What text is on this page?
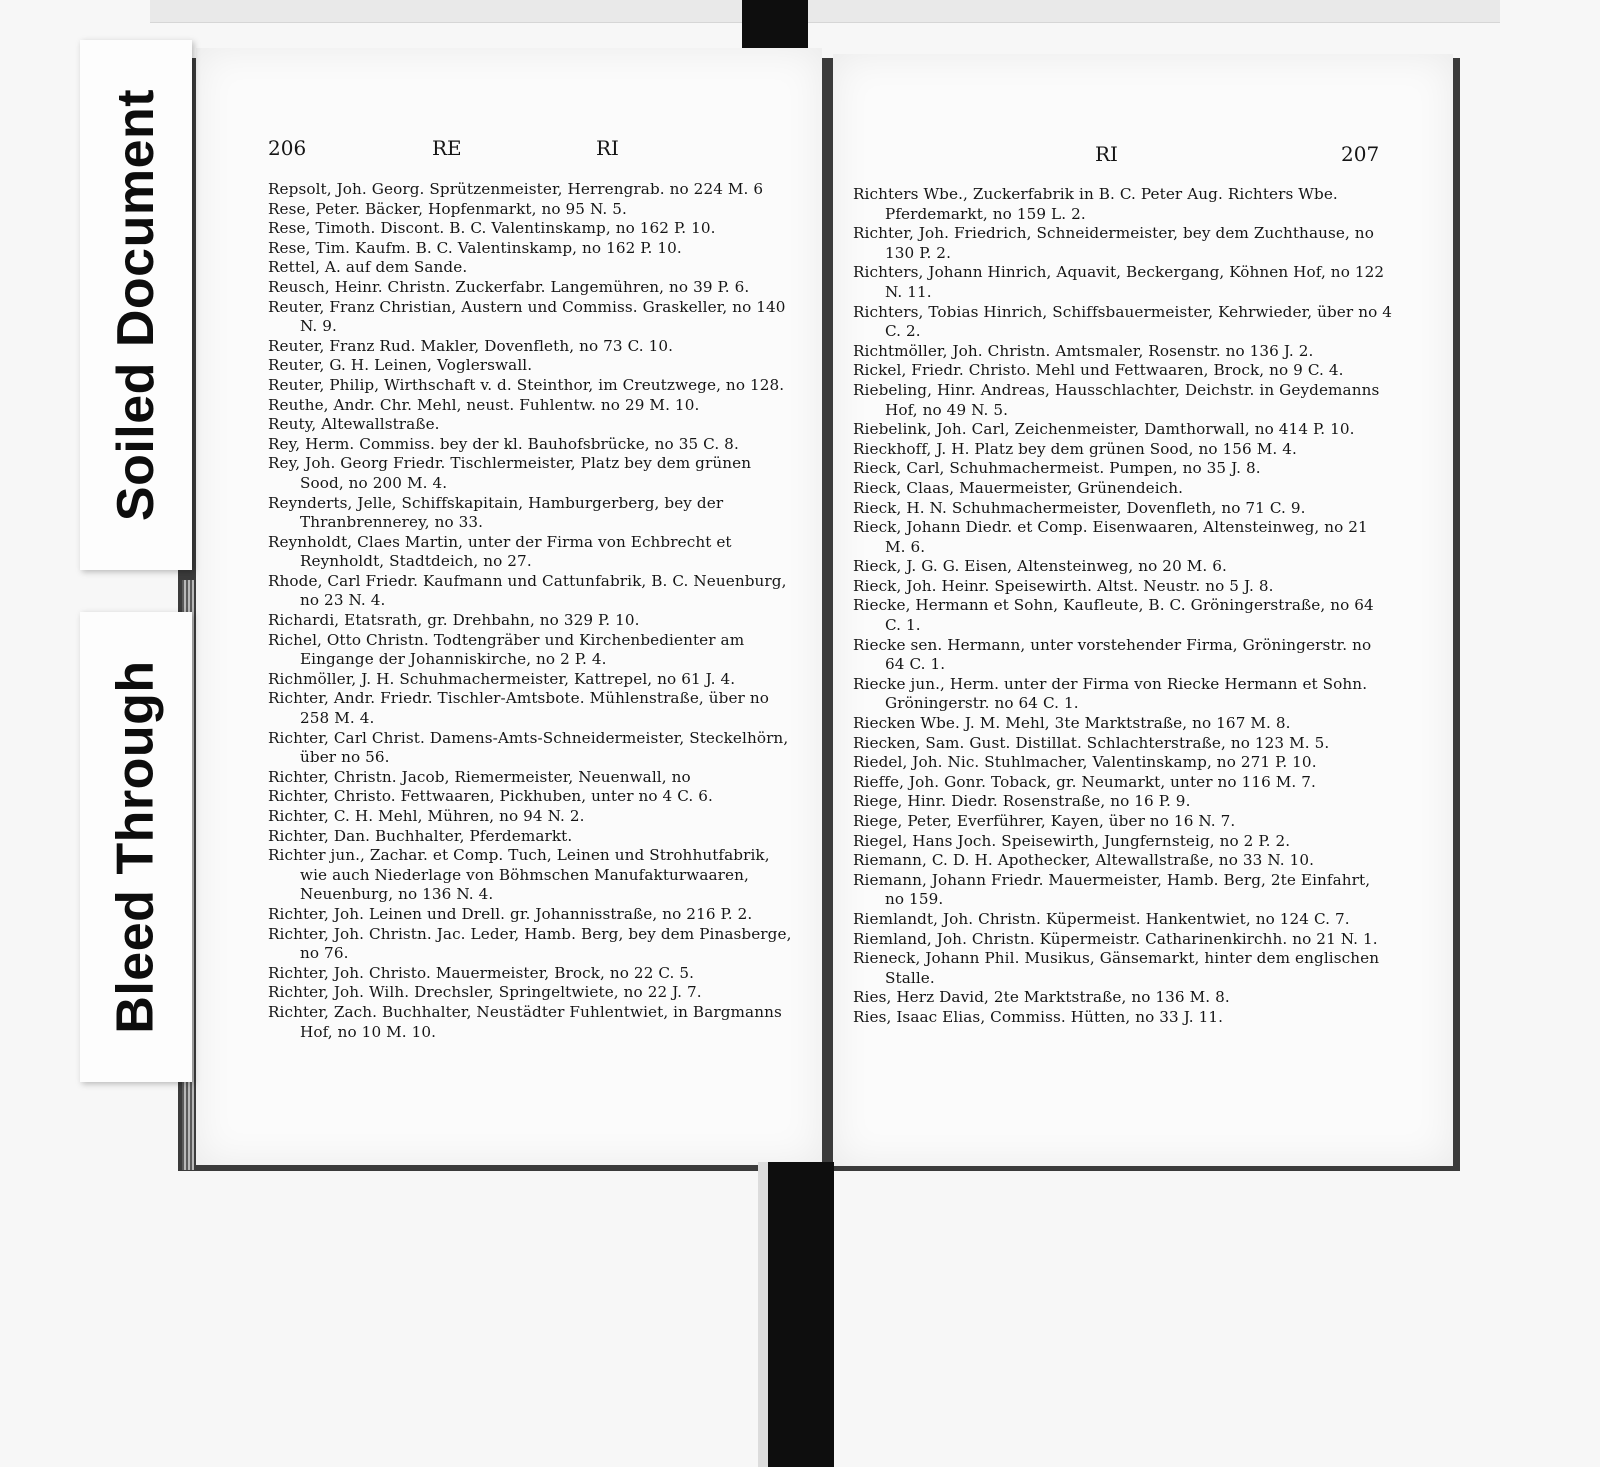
206	RE	RI
Repsolt, Joh. Georg. Sprützenmeister, Herrengrab. no 224 M. 6
Rese, Peter. Bäcker, Hopfenmarkt, no 95 N. 5.
Rese, Timoth. Discont. B. C. Valentinskamp, no 162 P. 10.
Rese, Tim. Kaufm. B. C. Valentinskamp, no 162 P. 10.
Rettel, A. auf dem Sande.
Reusch, Heinr. Christn. Zuckerfabr. Langemühren, no 39 P. 6.
Reuter, Franz Christian, Austern und Commiss. Graskeller, no 140 N. 9.
Reuter, Franz Rud. Makler, Dovenfleth, no 73 C. 10.
Reuter, G. H. Leinen, Voglerswall.
Reuter, Philip, Wirthschaft v. d. Steinthor, im Creutzwege, no 128.
Reuthe, Andr. Chr. Mehl, neust. Fuhlentw. no 29 M. 10.
Reuty, Altewallstraße.
Rey, Herm. Commiss. bey der kl. Bauhofsbrücke, no 35 C. 8.
Rey, Joh. Georg Friedr. Tischlermeister, Platz bey dem grünen Sood, no 200 M. 4.
Reynderts, Jelle, Schiffskapitain, Hamburgerberg, bey der Thranbrennerey, no 33.
Reynholdt, Claes Martin, unter der Firma von Echbrecht et Reynholdt, Stadtdeich, no 27.
Rhode, Carl Friedr. Kaufmann und Cattunfabrik, B. C. Neuenburg, no 23 N. 4.
Richardi, Etatsrath, gr. Drehbahn, no 329 P. 10.
Richel, Otto Christn. Todtengräber und Kirchenbedienter am Eingange der Johanniskirche, no 2 P. 4.
Richmöller, J. H. Schuhmachermeister, Kattrepel, no 61 J. 4.
Richter, Andr. Friedr. Tischler-Amtsbote. Mühlenstraße, über no 258 M. 4.
Richter, Carl Christ. Damens-Amts-Schneidermeister, Steckelhörn, über no 56.
Richter, Christn. Jacob, Riemermeister, Neuenwall, no
Richter, Christo. Fettwaaren, Pickhuben, unter no 4 C. 6.
Richter, C. H. Mehl, Mühren, no 94 N. 2.
Richter, Dan. Buchhalter, Pferdemarkt.
Richter jun., Zachar. et Comp. Tuch, Leinen und Strohhutfabrik, wie auch Niederlage von Böhmschen Manufakturwaaren, Neuenburg, no 136 N. 4.
Richter, Joh. Leinen und Drell. gr. Johannisstraße, no 216 P. 2.
Richter, Joh. Christn. Jac. Leder, Hamb. Berg, bey dem Pinasberge, no 76.
Richter, Joh. Christo. Mauermeister, Brock, no 22 C. 5.
Richter, Joh. Wilh. Drechsler, Springeltwiete, no 22 J. 7.
Richter, Zach. Buchhalter, Neustädter Fuhlentwiet, in Bargmanns Hof, no 10 M. 10.
RI	207
Richters Wbe., Zuckerfabrik in B. C. Peter Aug. Richters Wbe. Pferdemarkt, no 159 L. 2.
Richter, Joh. Friedrich, Schneidermeister, bey dem Zuchthause, no 130 P. 2.
Richters, Johann Hinrich, Aquavit, Beckergang, Köhnen Hof, no 122 N. 11.
Richters, Tobias Hinrich, Schiffsbauermeister, Kehrwieder, über no 4 C. 2.
Richtmöller, Joh. Christn. Amtsmaler, Rosenstr. no 136 J. 2.
Rickel, Friedr. Christo. Mehl und Fettwaaren, Brock, no 9 C. 4.
Riebeling, Hinr. Andreas, Hausschlachter, Deichstr. in Geydemanns Hof, no 49 N. 5.
Riebelink, Joh. Carl, Zeichenmeister, Damthorwall, no 414 P. 10.
Rieckhoff, J. H. Platz bey dem grünen Sood, no 156 M. 4.
Rieck, Carl, Schuhmachermeist. Pumpen, no 35 J. 8.
Rieck, Claas, Mauermeister, Grünendeich.
Rieck, H. N. Schuhmachermeister, Dovenfleth, no 71 C. 9.
Rieck, Johann Diedr. et Comp. Eisenwaaren, Altensteinweg, no 21 M. 6.
Rieck, J. G. G. Eisen, Altensteinweg, no 20 M. 6.
Rieck, Joh. Heinr. Speisewirth. Altst. Neustr. no 5 J. 8.
Riecke, Hermann et Sohn, Kaufleute, B. C. Gröningerstraße, no 64 C. 1.
Riecke sen. Hermann, unter vorstehender Firma, Gröningerstr. no 64 C. 1.
Riecke jun., Herm. unter der Firma von Riecke Hermann et Sohn. Gröningerstr. no 64 C. 1.
Riecken Wbe. J. M. Mehl, 3te Marktstraße, no 167 M. 8.
Riecken, Sam. Gust. Distillat. Schlachterstraße, no 123 M. 5.
Riedel, Joh. Nic. Stuhlmacher, Valentinskamp, no 271 P. 10.
Rieffe, Joh. Gonr. Toback, gr. Neumarkt, unter no 116 M. 7.
Riege, Hinr. Diedr. Rosenstraße, no 16 P. 9.
Riege, Peter, Everführer, Kayen, über no 16 N. 7.
Riegel, Hans Joch. Speisewirth, Jungfernsteig, no 2 P. 2.
Riemann, C. D. H. Apothecker, Altewallstraße, no 33 N. 10.
Riemann, Johann Friedr. Mauermeister, Hamb. Berg, 2te Einfahrt, no 159.
Riemlandt, Joh. Christn. Küpermeist. Hankentwiet, no 124 C. 7.
Riemland, Joh. Christn. Küpermeistr. Catharinenkirchh. no 21 N. 1.
Rieneck, Johann Phil. Musikus, Gänsemarkt, hinter dem englischen Stalle.
Ries, Herz David, 2te Marktstraße, no 136 M. 8.
Ries, Isaac Elias, Commiss. Hütten, no 33 J. 11.
Soiled Document
Bleed Through
